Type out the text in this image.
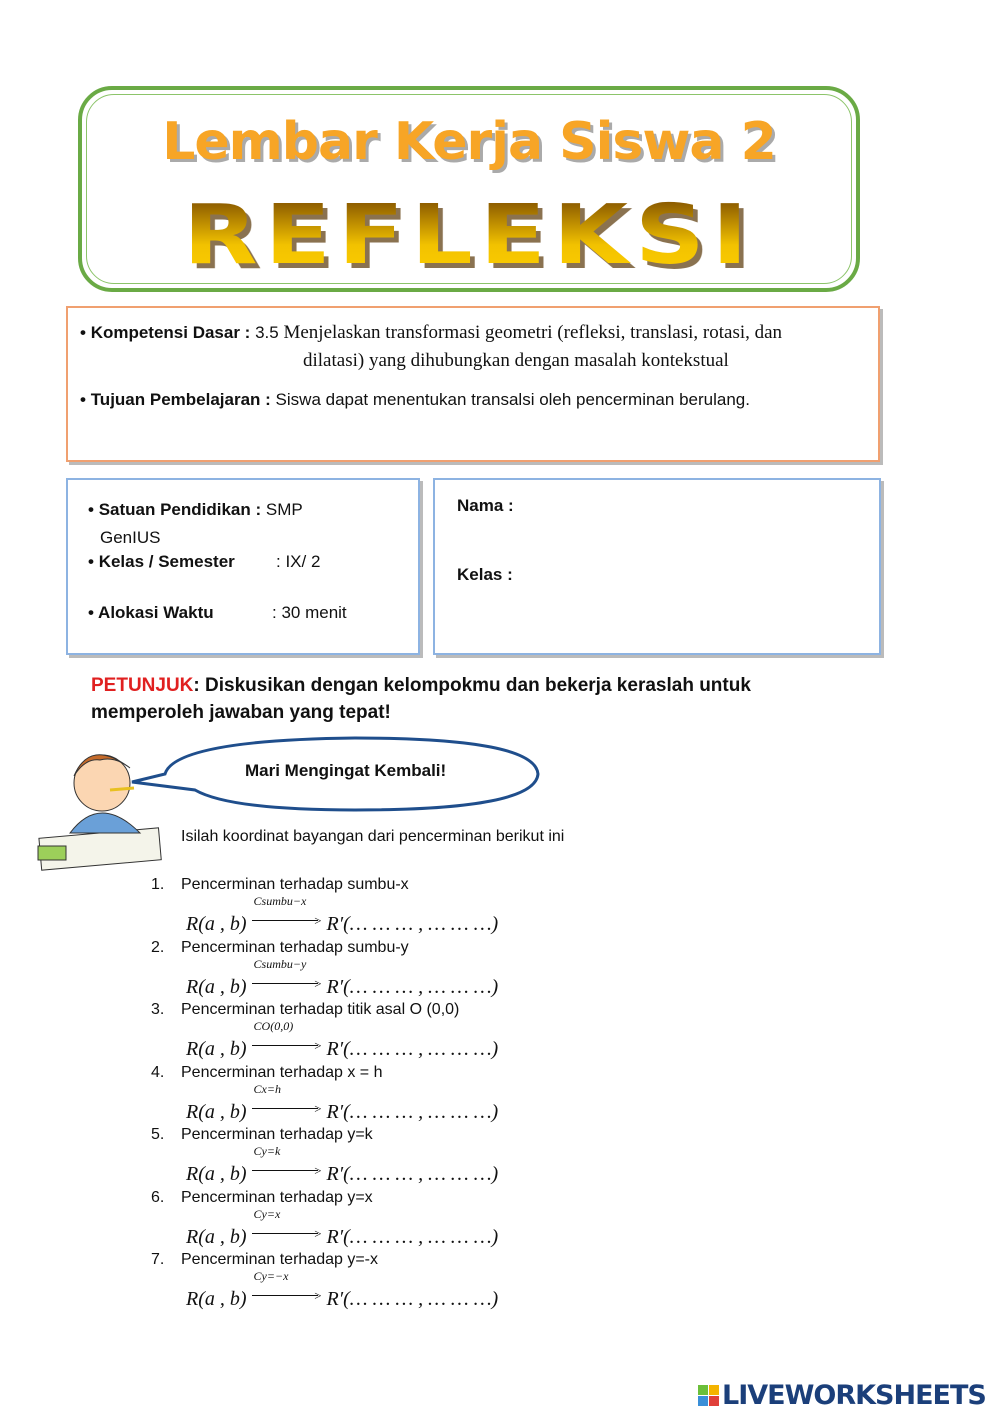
Lembar Kerja Siswa 2
REFLEKSI
• Kompetensi Dasar : 3.5 Menjelaskan transformasi geometri (refleksi, translasi, rotasi, dan
dilatasi) yang dihubungkan dengan masalah kontekstual
• Tujuan Pembelajaran : Siswa dapat menentukan transalsi oleh pencerminan berulang.
• Satuan Pendidikan : SMP
GenIUS
• Kelas / Semester : IX/ 2
• Alokasi Waktu	: 30 menit
Nama :
Kelas :
PETUNJUK: Diskusikan dengan kelompokmu dan bekerja keraslah untuk
memperoleh jawaban yang tepat!
Mari Mengingat Kembali!
Isilah koordinat bayangan dari pencerminan berikut ini
1. Pencerminan terhadap sumbu-x
R(a , b)
Csumbu−x
> R′(… … … , … … …)
2. Pencerminan terhadap sumbu-y
R(a , b)
Csumbu−y
> R′(… … … , … … …)
3. Pencerminan terhadap titik asal O (0,0)
R(a , b)
CO(0,0)
> R′(… … … , … … …)
4. Pencerminan terhadap x = h
R(a , b)
Cx=h
> R′(… … … , … … …)
5. Pencerminan terhadap y=k
R(a , b)
Cy=k
> R′(… … … , … … …)
6. Pencerminan terhadap y=x
R(a , b)
Cy=x
> R′(… … … , … … …)
7. Pencerminan terhadap y=-x
R(a , b)
Cy=−x
> R′(… … … , … … …)
LIVEWORKSHEETS
